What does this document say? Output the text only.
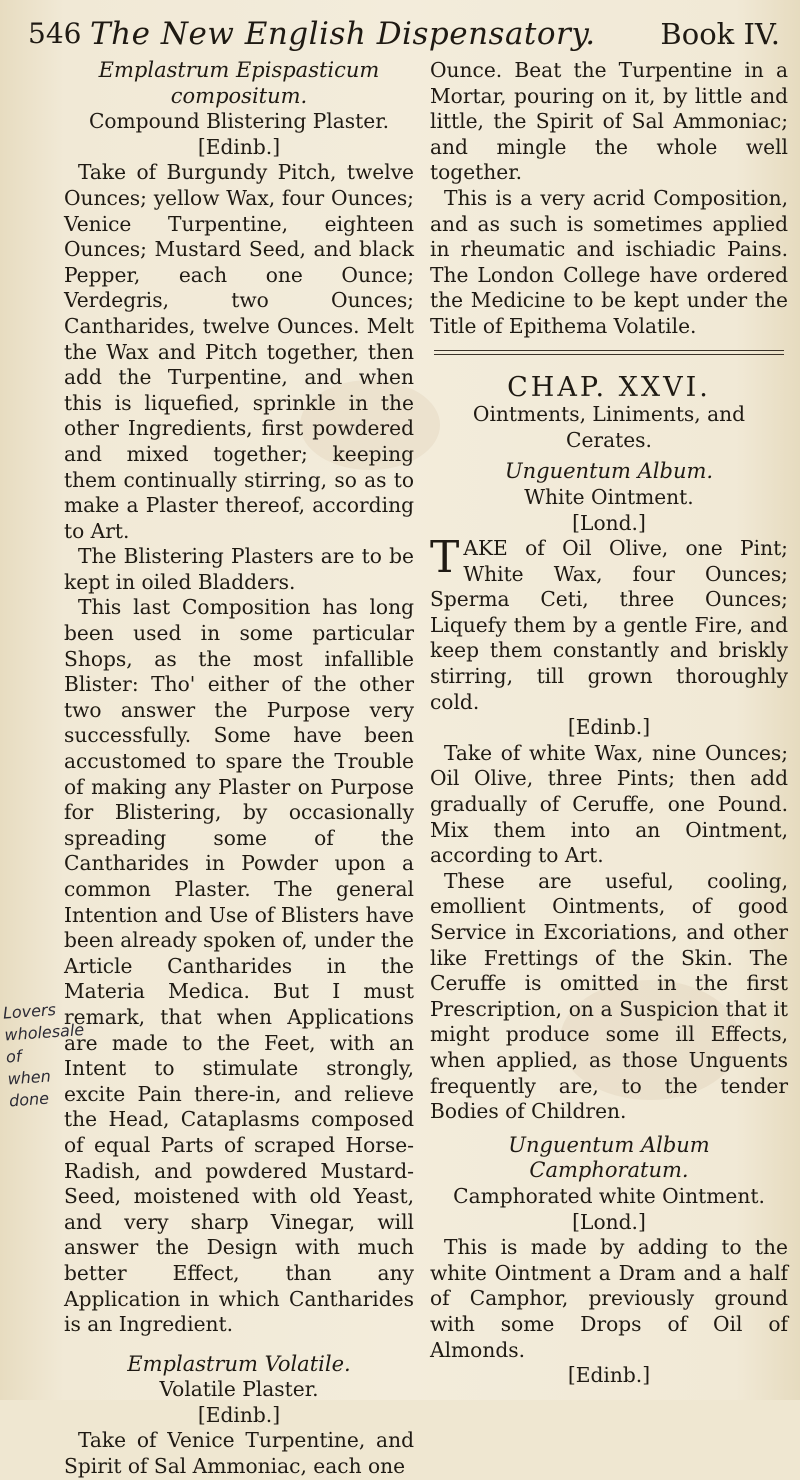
546 The New English Dispensatory. Book IV.
Lovers
wholesale of
when done

Emplastrum Epispasticum compositum.

Compound Blistering Plaster.

[Edinb.]

Take of Burgundy Pitch, twelve Ounces; yellow Wax, four Ounces; Venice Turpentine, eighteen Ounces; Mustard Seed, and black Pepper, each one Ounce; Verdegris, two Ounces; Cantharides, twelve Ounces. Melt the Wax and Pitch together, then add the Turpentine, and when this is liquefied, sprinkle in the other Ingredients, first powdered and mixed together; keeping them continually stirring, so as to make a Plaster thereof, according to Art.

The Blistering Plasters are to be kept in oiled Bladders.

This last Composition has long been used in some particular Shops, as the most infallible Blister: Tho' either of the other two answer the Purpose very successfully. Some have been accustomed to spare the Trouble of making any Plaster on Purpose for Blistering, by occasionally spreading some of the Cantharides in Powder upon a common Plaster. The general Intention and Use of Blisters have been already spoken of, under the Article Cantharides in the Materia Medica. But I must remark, that when Applications are made to the Feet, with an Intent to stimulate strongly, excite Pain there-in, and relieve the Head, Cataplasms composed of equal Parts of scraped Horse-Radish, and powdered Mustard-Seed, moistened with old Yeast, and very sharp Vinegar, will answer the Design with much better Effect, than any Application in which Cantharides is an Ingredient.

Emplastrum Volatile.

Volatile Plaster.

[Edinb.]

Take of Venice Turpentine, and Spirit of Sal Ammoniac, each one

Ounce. Beat the Turpentine in a Mortar, pouring on it, by little and little, the Spirit of Sal Ammoniac; and mingle the whole well together.

This is a very acrid Composition, and as such is sometimes applied in rheumatic and ischiadic Pains. The London College have ordered the Medicine to be kept under the Title of Epithema Volatile.

CHAP. XXVI.

Ointments, Liniments, and Cerates.

Unguentum Album.

White Ointment.

[Lond.]

TAKE of Oil Olive, one Pint; White Wax, four Ounces; Sperma Ceti, three Ounces; Liquefy them by a gentle Fire, and keep them constantly and briskly stirring, till grown thoroughly cold.

[Edinb.]

Take of white Wax, nine Ounces; Oil Olive, three Pints; then add gradually of Ceruffe, one Pound. Mix them into an Ointment, according to Art.

These are useful, cooling, emollient Ointments, of good Service in Excoriations, and other like Frettings of the Skin. The Ceruffe is omitted in the first Prescription, on a Suspicion that it might produce some ill Effects, when applied, as those Unguents frequently are, to the tender Bodies of Children.

Unguentum Album Camphoratum.

Camphorated white Ointment.

[Lond.]

This is made by adding to the white Ointment a Dram and a half of Camphor, previously ground with some Drops of Oil of Almonds.

[Edinb.]
